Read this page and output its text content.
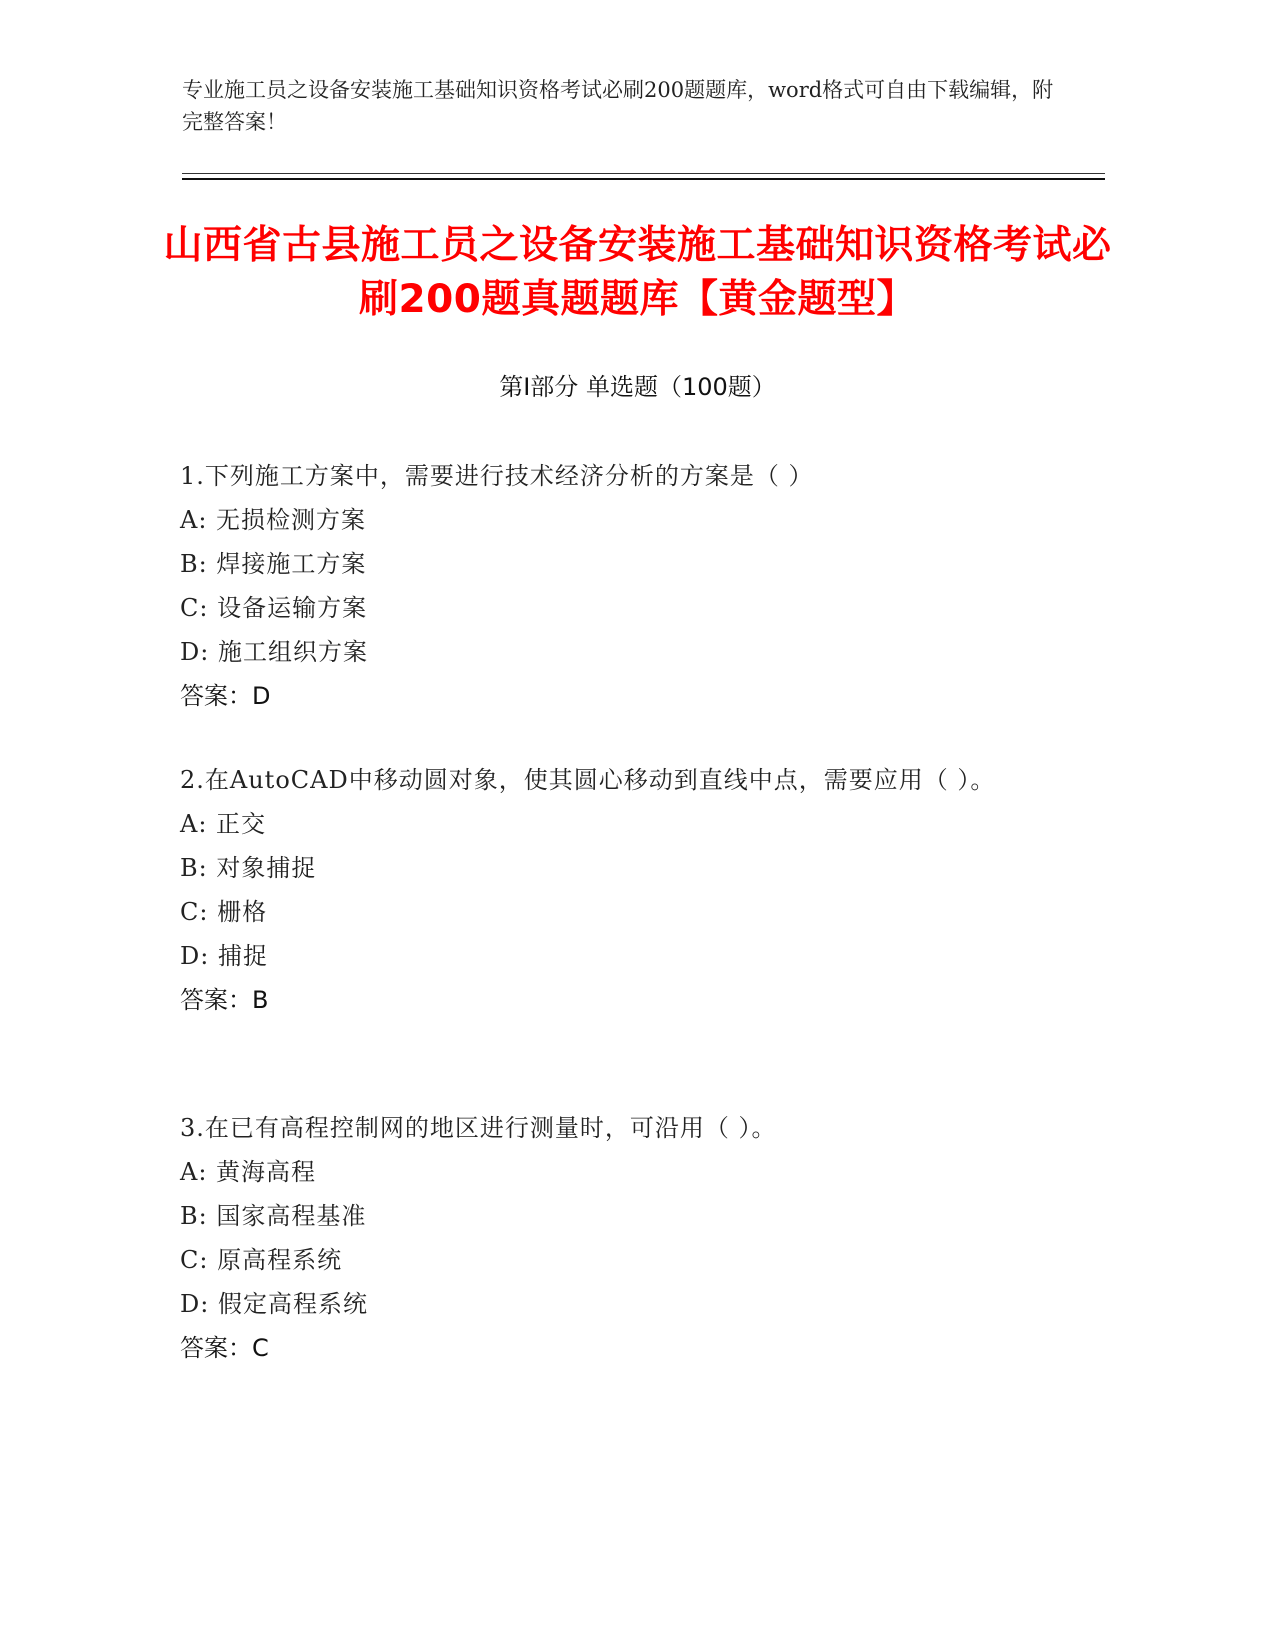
专业施工员之设备安装施工基础知识资格考试必刷200题题库，word格式可自由下载编辑，附完整答案！
山西省古县施工员之设备安装施工基础知识资格考试必刷200题真题题库【黄金题型】
第I部分 单选题（100题）
1.下列施工方案中，需要进行技术经济分析的方案是（ ）
A: 无损检测方案
B: 焊接施工方案
C: 设备运输方案
D: 施工组织方案
答案：D
2.在AutoCAD中移动圆对象，使其圆心移动到直线中点，需要应用（ ）。
A: 正交
B: 对象捕捉
C: 栅格
D: 捕捉
答案：B
3.在已有高程控制网的地区进行测量时，可沿用（ ）。
A: 黄海高程
B: 国家高程基准
C: 原高程系统
D: 假定高程系统
答案：C
